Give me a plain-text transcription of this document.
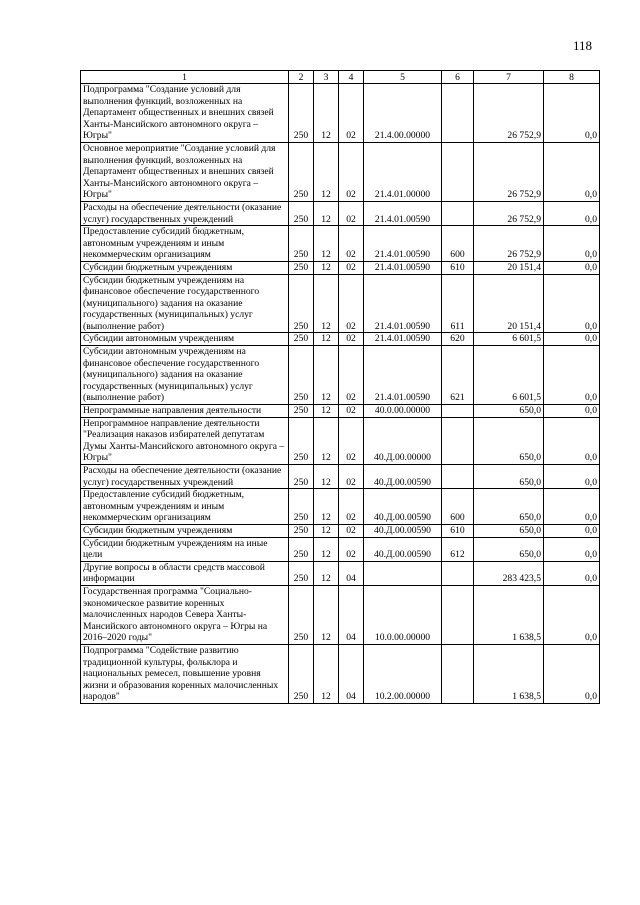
118
1	2	3	4	5	6	7	8
Подпрограмма "Создание условий для выполнения функций, возложенных на Департамент общественных и внешних связей Ханты-Мансийского автономного округа – Югры"	250	12	02	21.4.00.00000		26 752,9	0,0
Основное мероприятие "Создание условий для выполнения функций, возложенных на Департамент общественных и внешних связей Ханты-Мансийского автономного округа – Югры"	250	12	02	21.4.01.00000		26 752,9	0,0
Расходы на обеспечение деятельности (оказание услуг) государственных учреждений	250	12	02	21.4.01.00590		26 752,9	0,0
Предоставление субсидий бюджетным, автономным учреждениям и иным некоммерческим организациям	250	12	02	21.4.01.00590	600	26 752,9	0,0
Субсидии бюджетным учреждениям	250	12	02	21.4.01.00590	610	20 151,4	0,0
Субсидии бюджетным учреждениям на финансовое обеспечение государственного (муниципального) задания на оказание государственных (муниципальных) услуг (выполнение работ)	250	12	02	21.4.01.00590	611	20 151,4	0,0
Субсидии автономным учреждениям	250	12	02	21.4.01.00590	620	6 601,5	0,0
Субсидии автономным учреждениям на финансовое обеспечение государственного (муниципального) задания на оказание государственных (муниципальных) услуг (выполнение работ)	250	12	02	21.4.01.00590	621	6 601,5	0,0
Непрограммные направления деятельности	250	12	02	40.0.00.00000		650,0	0,0
Непрограммное направление деятельности "Реализация наказов избирателей депутатам Думы Ханты-Мансийского автономного округа – Югры"	250	12	02	40.Д.00.00000		650,0	0,0
Расходы на обеспечение деятельности (оказание услуг) государственных учреждений	250	12	02	40.Д.00.00590		650,0	0,0
Предоставление субсидий бюджетным, автономным учреждениям и иным некоммерческим организациям	250	12	02	40.Д.00.00590	600	650,0	0,0
Субсидии бюджетным учреждениям	250	12	02	40.Д.00.00590	610	650,0	0,0
Субсидии бюджетным учреждениям на иные цели	250	12	02	40.Д.00.00590	612	650,0	0,0
Другие вопросы в области средств массовой информации	250	12	04			283 423,5	0,0
Государственная программа "Социально-экономическое развитие коренных малочисленных народов Севера Ханты-Мансийского автономного округа – Югры на 2016–2020 годы"	250	12	04	10.0.00.00000		1 638,5	0,0
Подпрограмма "Содействие развитию традиционной культуры, фольклора и национальных ремесел, повышение уровня жизни и образования коренных малочисленных народов"	250	12	04	10.2.00.00000		1 638,5	0,0
